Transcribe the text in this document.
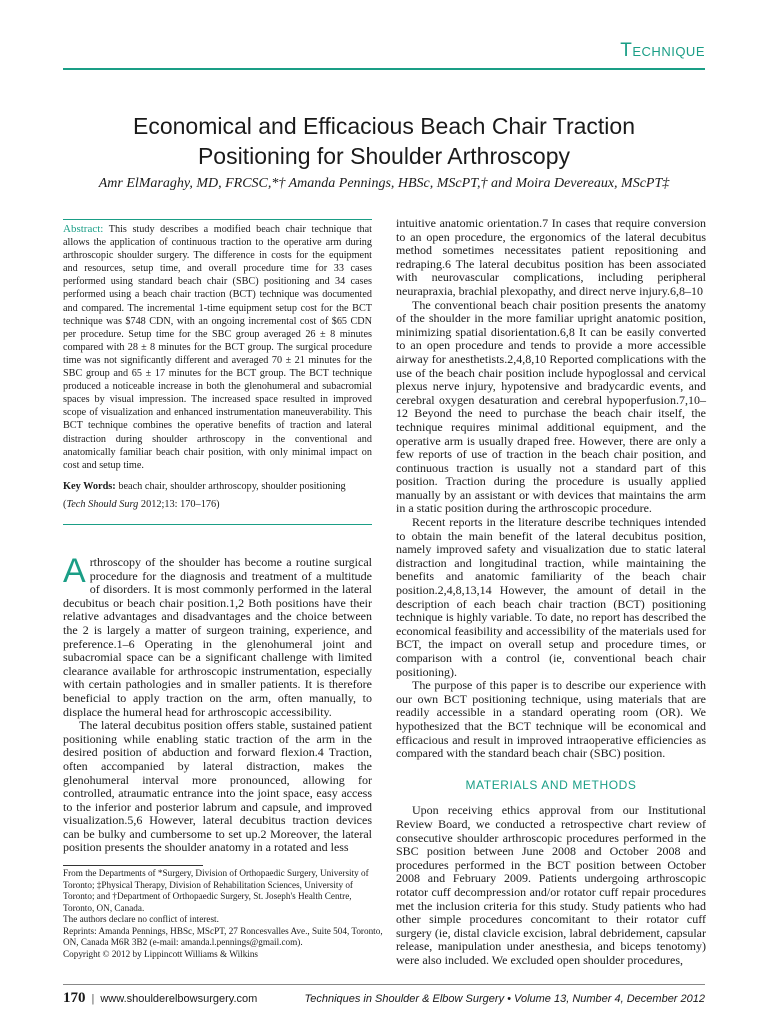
Technique
Economical and Efficacious Beach Chair Traction
Positioning for Shoulder Arthroscopy
Amr ElMaraghy, MD, FRCSC,*† Amanda Pennings, HBSc, MScPT,† and Moira Devereaux, MScPT‡

Abstract: This study describes a modified beach chair technique that allows the application of continuous traction to the operative arm during arthroscopic shoulder surgery. The difference in costs for the equipment and resources, setup time, and overall procedure time for 33 cases performed using standard beach chair (SBC) positioning and 34 cases performed using a beach chair traction (BCT) technique was documented and compared. The incremental 1-time equipment setup cost for the BCT technique was $748 CDN, with an ongoing incremental cost of $65 CDN per procedure. Setup time for the SBC group averaged 26 ± 8 minutes compared with 28 ± 8 minutes for the BCT group. The surgical procedure time was not significantly different and averaged 70 ± 21 minutes for the SBC group and 65 ± 17 minutes for the BCT group. The BCT technique produced a noticeable increase in both the glenohumeral and subacromial spaces by visual impression. The increased space resulted in improved scope of visualization and enhanced instrumentation maneuverability. This BCT technique combines the operative benefits of traction and lateral distraction during shoulder arthroscopy in the conventional and anatomically familiar beach chair position, with only minimal impact on cost and setup time.

Key Words: beach chair, shoulder arthroscopy, shoulder positioning

(Tech Should Surg 2012;13: 170–176)

Arthroscopy of the shoulder has become a routine surgical procedure for the diagnosis and treatment of a multitude of disorders. It is most commonly performed in the lateral decubitus or beach chair position.1,2 Both positions have their relative advantages and disadvantages and the choice between the 2 is largely a matter of surgeon training, experience, and preference.1–6 Operating in the glenohumeral joint and subacromial space can be a significant challenge with limited clearance available for arthroscopic instrumentation, especially with certain pathologies and in smaller patients. It is therefore beneficial to apply traction on the arm, often manually, to displace the humeral head for arthroscopic accessibility.

The lateral decubitus position offers stable, sustained patient positioning while enabling static traction of the arm in the desired position of abduction and forward flexion.4 Traction, often accompanied by lateral distraction, makes the glenohumeral interval more pronounced, allowing for controlled, atraumatic entrance into the joint space, easy access to the inferior and posterior labrum and capsule, and improved visualization.5,6 However, lateral decubitus traction devices can be bulky and cumbersome to set up.2 Moreover, the lateral position presents the shoulder anatomy in a rotated and less

From the Departments of *Surgery, Division of Orthopaedic Surgery, University of Toronto; ‡Physical Therapy, Division of Rehabilitation Sciences, University of Toronto; and †Department of Orthopaedic Surgery, St. Joseph's Health Centre, Toronto, ON, Canada.

The authors declare no conflict of interest.

Reprints: Amanda Pennings, HBSc, MScPT, 27 Roncesvalles Ave., Suite 504, Toronto, ON, Canada M6R 3B2 (e-mail: amanda.l.pennings@gmail.com).

Copyright © 2012 by Lippincott Williams & Wilkins

intuitive anatomic orientation.7 In cases that require conversion to an open procedure, the ergonomics of the lateral decubitus method sometimes necessitates patient repositioning and redraping.6 The lateral decubitus position has been associated with neurovascular complications, including peripheral neurapraxia, brachial plexopathy, and direct nerve injury.6,8–10

The conventional beach chair position presents the anatomy of the shoulder in the more familiar upright anatomic position, minimizing spatial disorientation.6,8 It can be easily converted to an open procedure and tends to provide a more accessible airway for anesthetists.2,4,8,10 Reported complications with the use of the beach chair position include hypoglossal and cervical plexus nerve injury, hypotensive and bradycardic events, and cerebral oxygen desaturation and cerebral hypoperfusion.7,10–12 Beyond the need to purchase the beach chair itself, the technique requires minimal additional equipment, and the operative arm is usually draped free. However, there are only a few reports of use of traction in the beach chair position, and continuous traction is usually not a standard part of this position. Traction during the procedure is usually applied manually by an assistant or with devices that maintains the arm in a static position during the arthroscopic procedure.

Recent reports in the literature describe techniques intended to obtain the main benefit of the lateral decubitus position, namely improved safety and visualization due to static lateral distraction and longitudinal traction, while maintaining the benefits and anatomic familiarity of the beach chair position.2,4,8,13,14 However, the amount of detail in the description of each beach chair traction (BCT) positioning technique is highly variable. To date, no report has described the economical feasibility and accessibility of the materials used for BCT, the impact on overall setup and procedure times, or comparison with a control (ie, conventional beach chair positioning).

The purpose of this paper is to describe our experience with our own BCT positioning technique, using materials that are readily accessible in a standard operating room (OR). We hypothesized that the BCT technique will be economical and efficacious and result in improved intraoperative efficiencies as compared with the standard beach chair (SBC) position.

MATERIALS AND METHODS

Upon receiving ethics approval from our Institutional Review Board, we conducted a retrospective chart review of consecutive shoulder arthroscopic procedures performed in the SBC position between June 2008 and October 2008 and procedures performed in the BCT position between October 2008 and February 2009. Patients undergoing arthroscopic rotator cuff decompression and/or rotator cuff repair procedures met the inclusion criteria for this study. Study patients who had other simple procedures concomitant to their rotator cuff surgery (ie, distal clavicle excision, labral debridement, capsular release, manipulation under anesthesia, and biceps tenotomy) were also included. We excluded open shoulder procedures,

170 | www.shoulderelbowsurgery.com	Techniques in Shoulder & Elbow Surgery • Volume 13, Number 4, December 2012
